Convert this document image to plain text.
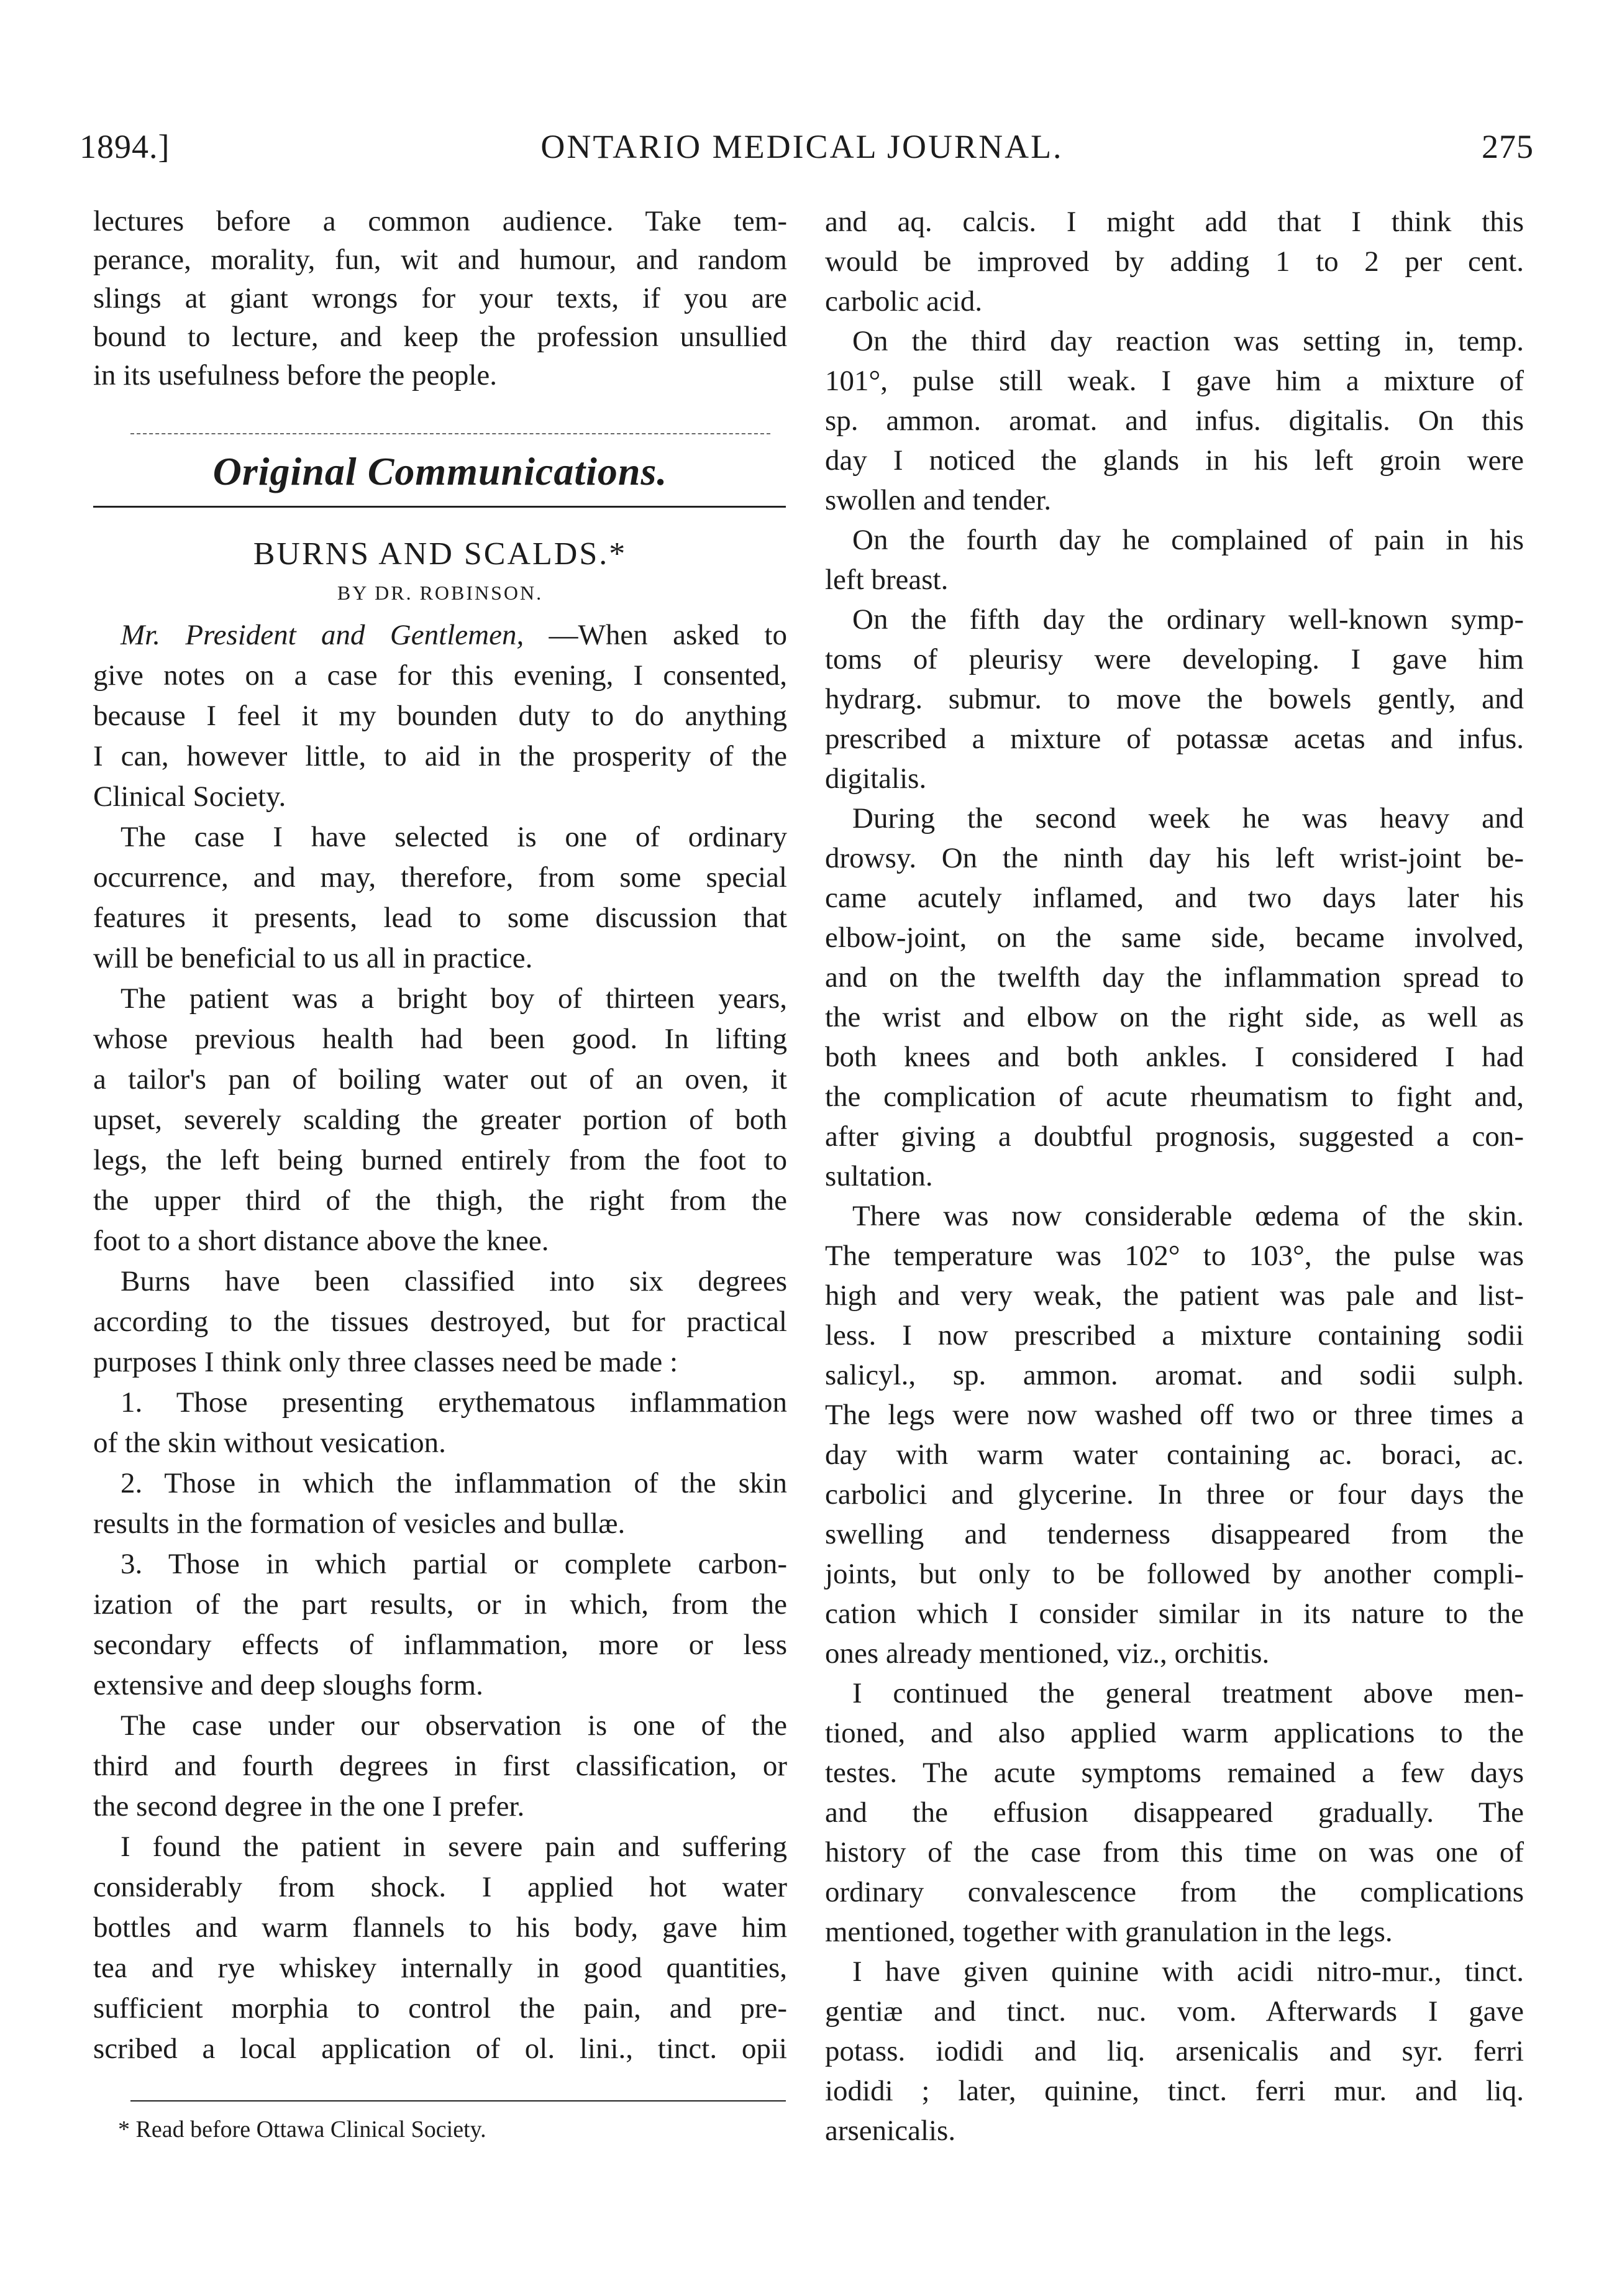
1894.]	ONTARIO MEDICAL JOURNAL.	275
lectures before a common audience. Take tem-
perance, morality, fun, wit and humour, and random
slings at giant wrongs for your texts, if you are
bound to lecture, and keep the profession unsullied
in its usefulness before the people.
Original Communications.
BURNS AND SCALDS.*
BY DR. ROBINSON.
Mr. President and Gentlemen, —When asked to
give notes on a case for this evening, I consented,
because I feel it my bounden duty to do anything
I can, however little, to aid in the prosperity of the
Clinical Society.
The case I have selected is one of ordinary
occurrence, and may, therefore, from some special
features it presents, lead to some discussion that
will be beneficial to us all in practice.
The patient was a bright boy of thirteen years,
whose previous health had been good. In lifting
a tailor's pan of boiling water out of an oven, it
upset, severely scalding the greater portion of both
legs, the left being burned entirely from the foot to
the upper third of the thigh, the right from the
foot to a short distance above the knee.
Burns have been classified into six degrees
according to the tissues destroyed, but for practical
purposes I think only three classes need be made :
1. Those presenting erythematous inflammation
of the skin without vesication.
2. Those in which the inflammation of the skin
results in the formation of vesicles and bullæ.
3. Those in which partial or complete carbon-
ization of the part results, or in which, from the
secondary effects of inflammation, more or less
extensive and deep sloughs form.
The case under our observation is one of the
third and fourth degrees in first classification, or
the second degree in the one I prefer.
I found the patient in severe pain and suffering
considerably from shock. I applied hot water
bottles and warm flannels to his body, gave him
tea and rye whiskey internally in good quantities,
sufficient morphia to control the pain, and pre-
scribed a local application of ol. lini., tinct. opii
* Read before Ottawa Clinical Society.
and aq. calcis. I might add that I think this
would be improved by adding 1 to 2 per cent.
carbolic acid.
On the third day reaction was setting in, temp.
101°, pulse still weak. I gave him a mixture of
sp. ammon. aromat. and infus. digitalis. On this
day I noticed the glands in his left groin were
swollen and tender.
On the fourth day he complained of pain in his
left breast.
On the fifth day the ordinary well-known symp-
toms of pleurisy were developing. I gave him
hydrarg. submur. to move the bowels gently, and
prescribed a mixture of potassæ acetas and infus.
digitalis.
During the second week he was heavy and
drowsy. On the ninth day his left wrist-joint be-
came acutely inflamed, and two days later his
elbow-joint, on the same side, became involved,
and on the twelfth day the inflammation spread to
the wrist and elbow on the right side, as well as
both knees and both ankles. I considered I had
the complication of acute rheumatism to fight and,
after giving a doubtful prognosis, suggested a con-
sultation.
There was now considerable œdema of the skin.
The temperature was 102° to 103°, the pulse was
high and very weak, the patient was pale and list-
less. I now prescribed a mixture containing sodii
salicyl., sp. ammon. aromat. and sodii sulph.
The legs were now washed off two or three times a
day with warm water containing ac. boraci, ac.
carbolici and glycerine. In three or four days the
swelling and tenderness disappeared from the
joints, but only to be followed by another compli-
cation which I consider similar in its nature to the
ones already mentioned, viz., orchitis.
I continued the general treatment above men-
tioned, and also applied warm applications to the
testes. The acute symptoms remained a few days
and the effusion disappeared gradually. The
history of the case from this time on was one of
ordinary convalescence from the complications
mentioned, together with granulation in the legs.
I have given quinine with acidi nitro-mur., tinct.
gentiæ and tinct. nuc. vom. Afterwards I gave
potass. iodidi and liq. arsenicalis and syr. ferri
iodidi ; later, quinine, tinct. ferri mur. and liq.
arsenicalis.
